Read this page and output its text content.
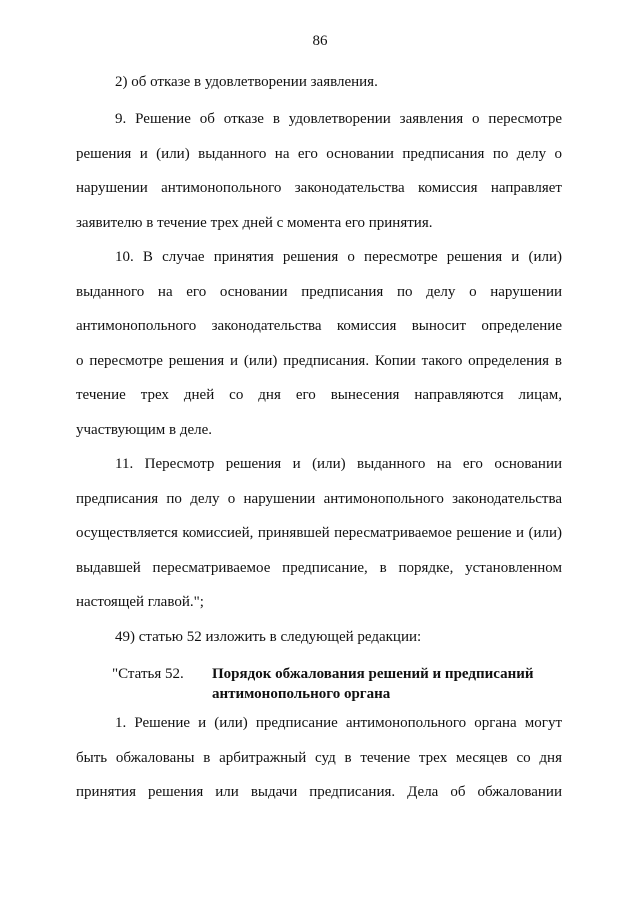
86

2) об отказе в удовлетворении заявления.

9. Решение об отказе в удовлетворении заявления о пересмотре
решения и (или) выданного на его основании предписания по делу о
нарушении антимонопольного законодательства комиссия направляет
заявителю в течение трех дней с момента его принятия.

10. В случае принятия решения о пересмотре решения и (или)
выданного на его основании предписания по делу о нарушении
антимонопольного законодательства комиссия выносит определение
о пересмотре решения и (или) предписания. Копии такого определения в
течение трех дней со дня его вынесения направляются лицам,
участвующим в деле.

11. Пересмотр решения и (или) выданного на его основании
предписания по делу о нарушении антимонопольного законодательства
осуществляется комиссией, принявшей пересматриваемое решение и (или)
выдавшей пересматриваемое предписание, в порядке, установленном
настоящей главой.";

49) статью 52 изложить в следующей редакции:

"Статья 52. Порядок обжалования решений и предписаний
антимонопольного органа

1. Решение и (или) предписание антимонопольного органа могут
быть обжалованы в арбитражный суд в течение трех месяцев со дня
принятия решения или выдачи предписания. Дела об обжаловании
